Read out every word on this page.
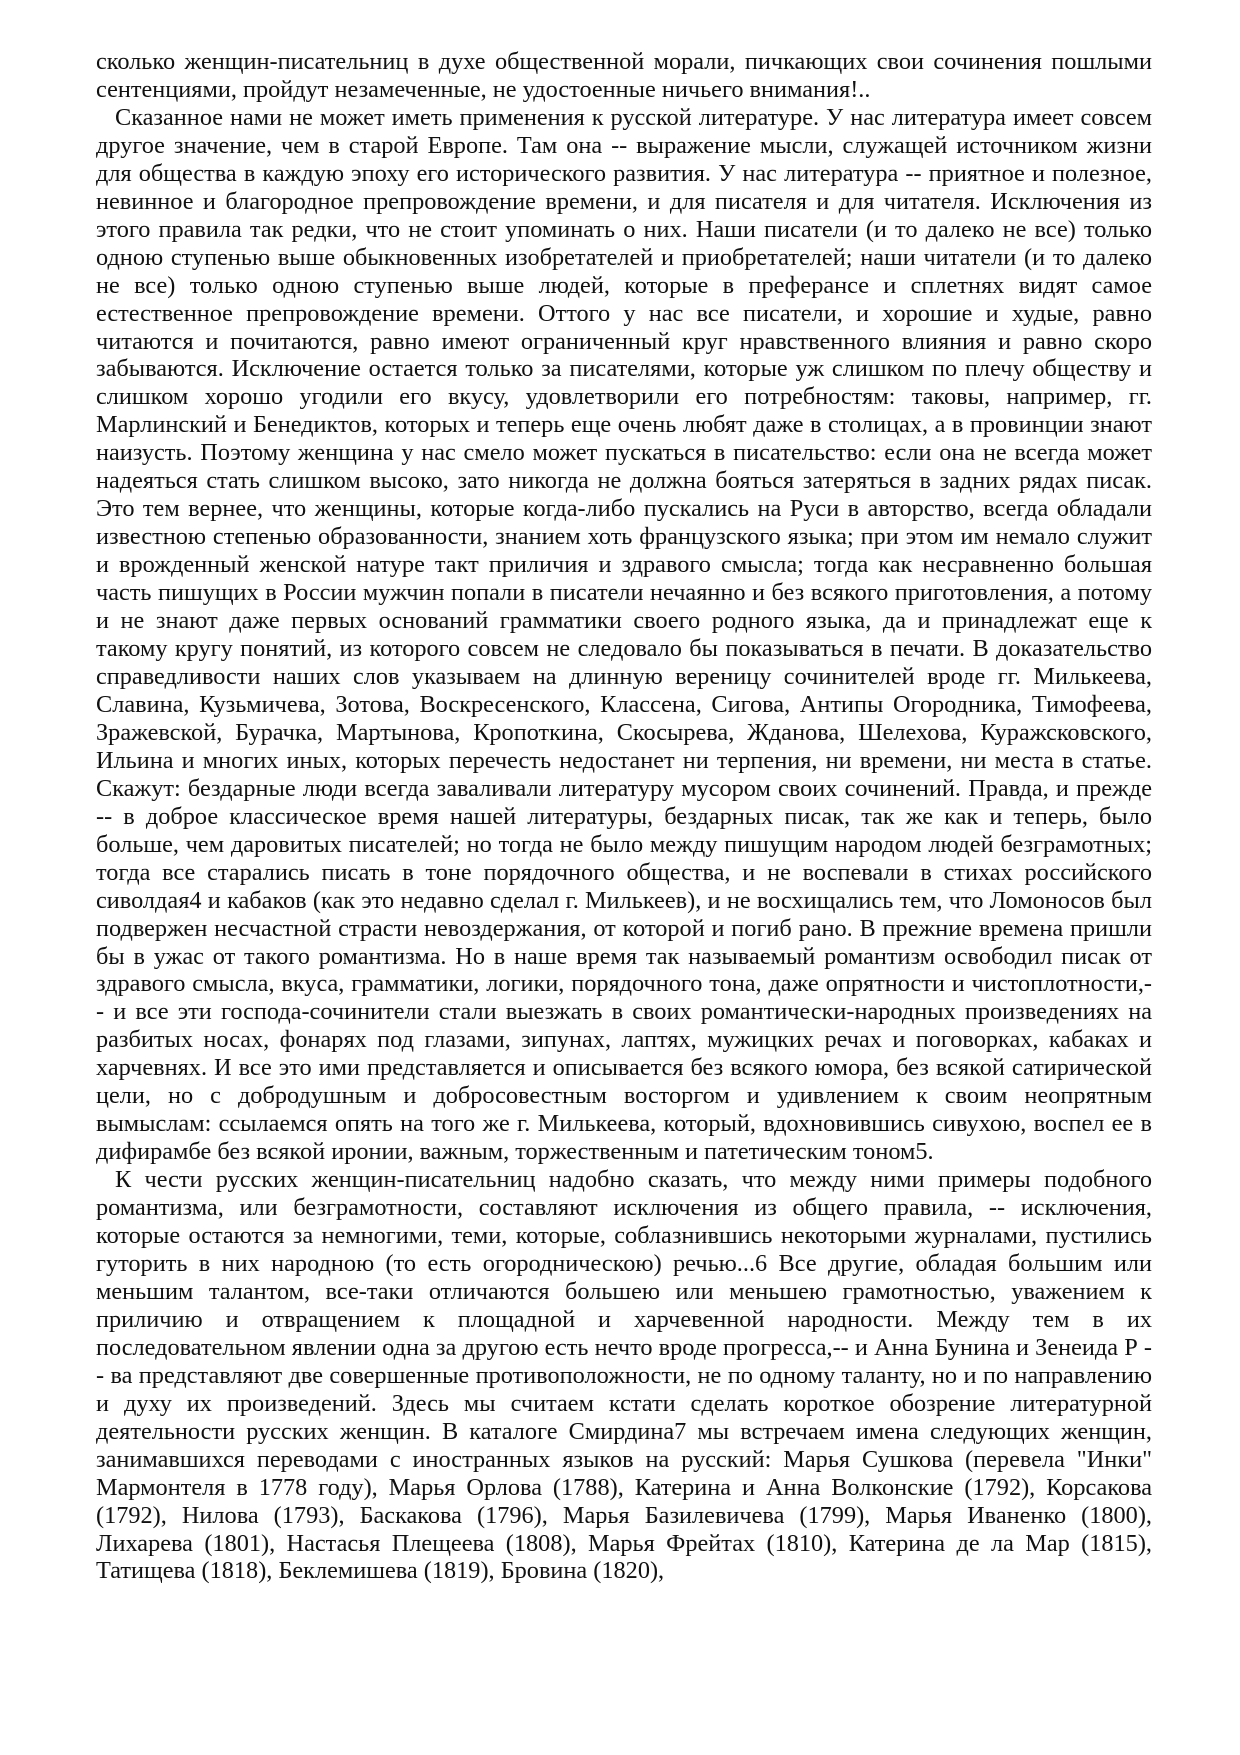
сколько женщин-писательниц в духе общественной морали, пичкающих свои сочинения пошлыми сентенциями, пройдут незамеченные, не удостоенные ничьего внимания!..

Сказанное нами не может иметь применения к русской литературе. У нас литература имеет совсем другое значение, чем в старой Европе. Там она -- выражение мысли, служащей источником жизни для общества в каждую эпоху его исторического развития. У нас литература -- приятное и полезное, невинное и благородное препровождение времени, и для писателя и для читателя. Исключения из этого правила так редки, что не стоит упоминать о них. Наши писатели (и то далеко не все) только одною ступенью выше обыкновенных изобретателей и приобретателей; наши читатели (и то далеко не все) только одною ступенью выше людей, которые в преферансе и сплетнях видят самое естественное препровождение времени. Оттого у нас все писатели, и хорошие и худые, равно читаются и почитаются, равно имеют ограниченный круг нравственного влияния и равно скоро забываются. Исключение остается только за писателями, которые уж слишком по плечу обществу и слишком хорошо угодили его вкусу, удовлетворили его потребностям: таковы, например, гг. Марлинский и Бенедиктов, которых и теперь еще очень любят даже в столицах, а в провинции знают наизусть. Поэтому женщина у нас смело может пускаться в писательство: если она не всегда может надеяться стать слишком высоко, зато никогда не должна бояться затеряться в задних рядах писак. Это тем вернее, что женщины, которые когда-либо пускались на Руси в авторство, всегда обладали известною степенью образованности, знанием хоть французского языка; при этом им немало служит и врожденный женской натуре такт приличия и здравого смысла; тогда как несравненно большая часть пишущих в России мужчин попали в писатели нечаянно и без всякого приготовления, а потому и не знают даже первых оснований грамматики своего родного языка, да и принадлежат еще к такому кругу понятий, из которого совсем не следовало бы показываться в печати. В доказательство справедливости наших слов указываем на длинную вереницу сочинителей вроде гг. Милькеева, Славина, Кузьмичева, Зотова, Воскресенского, Классена, Сигова, Антипы Огородника, Тимофеева, Зражевской, Бурачка, Мартынова, Кропоткина, Скосырева, Жданова, Шелехова, Куражсковского, Ильина и многих иных, которых перечесть недостанет ни терпения, ни времени, ни места в статье. Скажут: бездарные люди всегда заваливали литературу мусором своих сочинений. Правда, и прежде -- в доброе классическое время нашей литературы, бездарных писак, так же как и теперь, было больше, чем даровитых писателей; но тогда не было между пишущим народом людей безграмотных; тогда все старались писать в тоне порядочного общества, и не воспевали в стихах российского сиволдая4 и кабаков (как это недавно сделал г. Милькеев), и не восхищались тем, что Ломоносов был подвержен несчастной страсти невоздержания, от которой и погиб рано. В прежние времена пришли бы в ужас от такого романтизма. Но в наше время так называемый романтизм освободил писак от здравого смысла, вкуса, грамматики, логики, порядочного тона, даже опрятности и чистоплотности,-- и все эти господа-сочинители стали выезжать в своих романтически-народных произведениях на разбитых носах, фонарях под глазами, зипунах, лаптях, мужицких речах и поговорках, кабаках и харчевнях. И все это ими представляется и описывается без всякого юмора, без всякой сатирической цели, но с добродушным и добросовестным восторгом и удивлением к своим неопрятным вымыслам: ссылаемся опять на того же г. Милькеева, который, вдохновившись сивухою, воспел ее в дифирамбе без всякой иронии, важным, торжественным и патетическим тоном5.

К чести русских женщин-писательниц надобно сказать, что между ними примеры подобного романтизма, или безграмотности, составляют исключения из общего правила, -- исключения, которые остаются за немногими, теми, которые, соблазнившись некоторыми журналами, пустились гуторить в них народною (то есть огородническою) речью...6 Все другие, обладая большим или меньшим талантом, все-таки отличаются большею или меньшею грамотностью, уважением к приличию и отвращением к площадной и харчевенной народности. Между тем в их последовательном явлении одна за другою есть нечто вроде прогресса,-- и Анна Бунина и Зенеида Р -- ва представляют две совершенные противоположности, не по одному таланту, но и по направлению и духу их произведений. Здесь мы считаем кстати сделать короткое обозрение литературной деятельности русских женщин. В каталоге Смирдина7 мы встречаем имена следующих женщин, занимавшихся переводами с иностранных языков на русский: Марья Сушкова (перевела "Инки" Мармонтеля в 1778 году), Марья Орлова (1788), Катерина и Анна Волконские (1792), Корсакова (1792), Нилова (1793), Баскакова (1796), Марья Базилевичева (1799), Марья Иваненко (1800), Лихарева (1801), Настасья Плещеева (1808), Марья Фрейтах (1810), Катерина де ла Мар (1815), Татищева (1818), Беклемишева (1819), Бровина (1820),
